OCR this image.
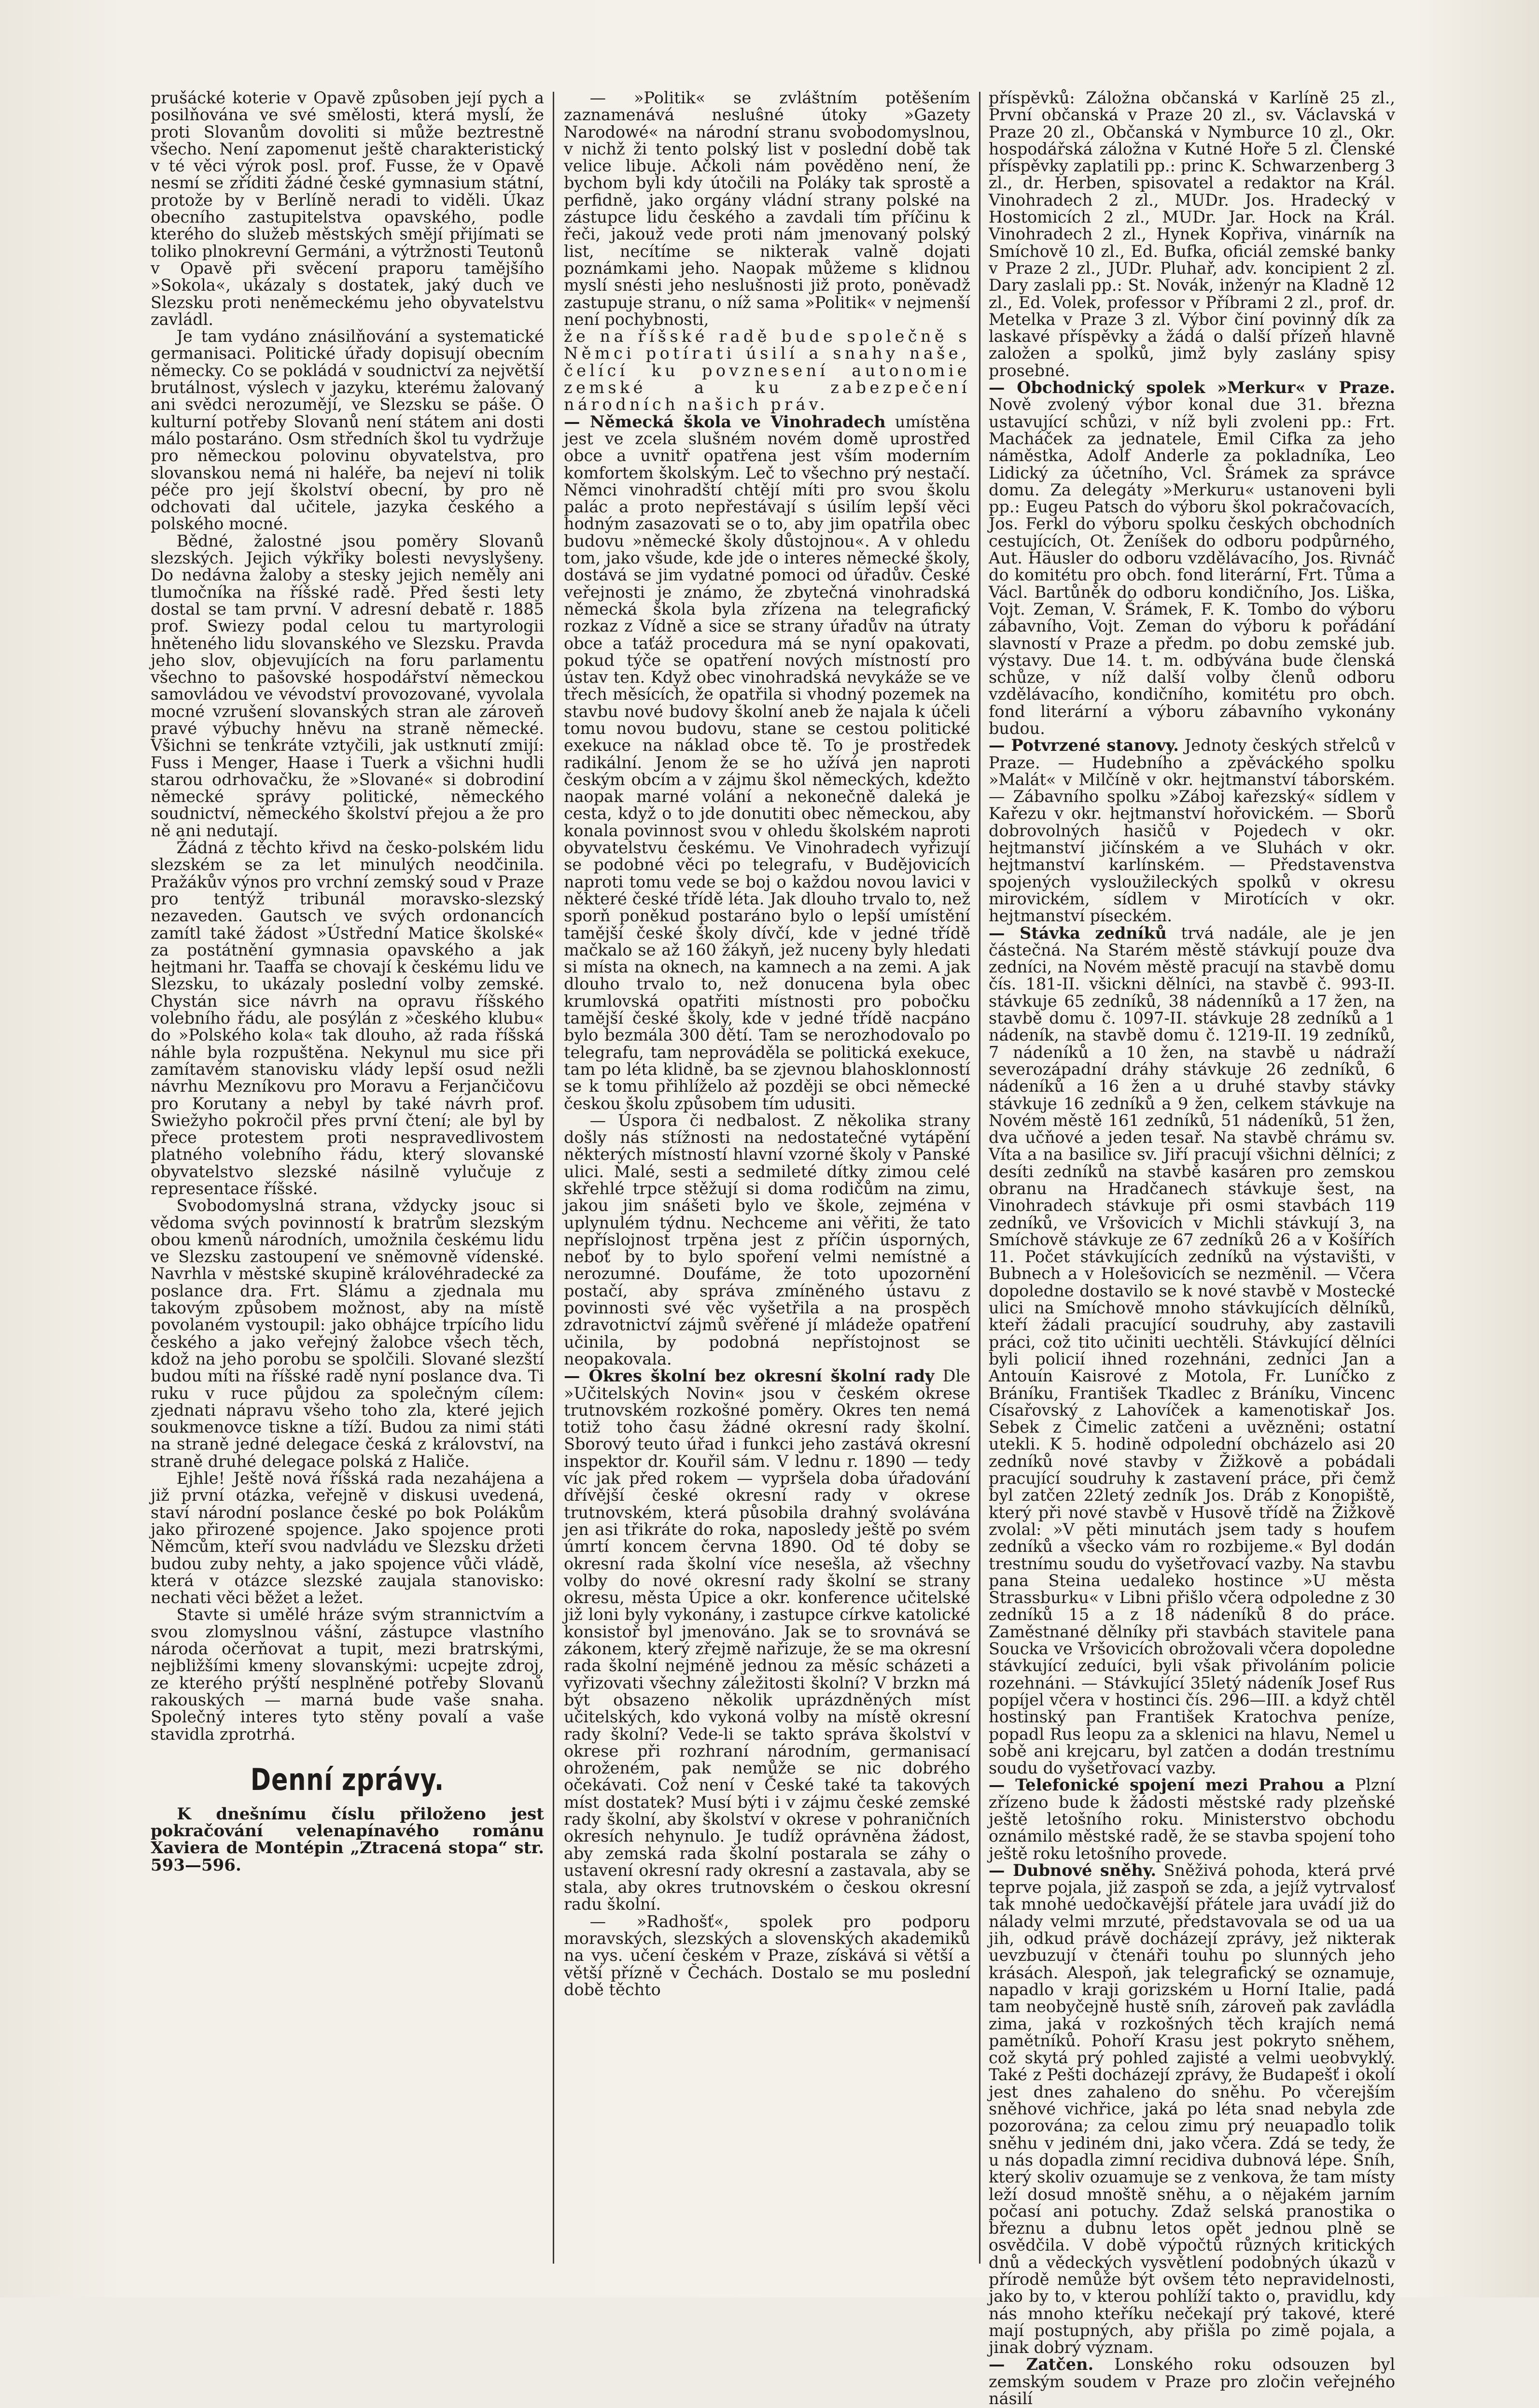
prušácké koterie v Opavě způsoben její pych a posilňována ve své smělosti, která myslí, že proti Slovanům dovoliti si může beztrestně všecho. Není zapomenut ještě charakteristický v té věci výrok posl. prof. Fusse, že v Opavě nesmí se zříditi žádné české gymnasium státní, protože by v Berlíně neradi to viděli. Úkaz obecního zastupitelstva opavského, podle kterého do služeb městských smějí přijímati se toliko plnokrevní Germáni, a výtržnosti Teutonů v Opavě při svěcení praporu tamějšího »Sokola«, ukázaly s dostatek, jaký duch ve Slezsku proti neněmeckému jeho obyvatelstvu zavládl.

Je tam vydáno znásilňování a systematické germanisaci. Politické úřady dopisují obecním německy. Co se pokládá v soudnictví za největší brutálnost, výslech v jazyku, kterému žalovaný ani svědci nerozumějí, ve Slezsku se páše. O kulturní potřeby Slovanů není státem ani dosti málo postaráno. Osm středních škol tu vydržuje pro německou polovinu obyvatelstva, pro slovanskou nemá ni haléře, ba nejeví ni tolik péče pro její školství obecní, by pro ně odchovati dal učitele, jazyka českého a polského mocné.

Bědné, žalostné jsou poměry Slovanů slezských. Jejich výkřiky bolesti nevyslyšeny. Do nedávna žaloby a stesky jejich neměly ani tlumočníka na říšské radě. Před šesti lety dostal se tam první. V adresní debatě r. 1885 prof. Swiezy podal celou tu martyrologii hněteného lidu slovanského ve Slezsku. Pravda jeho slov, objevujících na foru parlamentu všechno to pašovské hospodářství německou samovládou ve vévodství provozované, vyvolala mocné vzrušení slovanských stran ale zároveň pravé výbuchy hněvu na straně německé. Všichni se tenkráte vztyčili, jak ustknutí zmijí: Fuss i Menger, Haase i Tuerk a všichni hudli starou odrhovačku, že »Slované« si dobrodiní německé správy politické, německého soudnictví, německého školství přejou a že pro ně ani nedutají.

Žádná z těchto křivd na česko-polském lidu slezském se za let minulých neodčinila. Pražákův výnos pro vrchní zemský soud v Praze pro tentýž tribunál moravsko-slezský nezaveden. Gautsch ve svých ordonancích zamítl také žádost »Ústřední Matice školské« za postátnění gymnasia opavského a jak hejtmani hr. Taaffa se chovají k českému lidu ve Slezsku, to ukázaly poslední volby zemské. Chystán sice návrh na opravu říšského volebního řádu, ale posýlán z »českého klubu« do »Polského kola« tak dlouho, až rada říšská náhle byla rozpuštěna. Nekynul mu sice při zamítavém stanovisku vlády lepší osud nežli návrhu Mezníkovu pro Moravu a Ferjančičovu pro Korutany a nebyl by také návrh prof. Swiežyho pokročil přes první čtení; ale byl by přece protestem proti nespravedlivostem platného volebního řádu, který slovanské obyvatelstvo slezské násilně vylučuje z representace říšské.

Svobodomyslná strana, vždycky jsouc si vědoma svých povinností k bratrům slezským obou kmenů národních, umožnila českému lidu ve Slezsku zastoupení ve sněmovně vídenské. Navrhla v městské skupině královéhradecké za poslance dra. Frt. Slámu a zjednala mu takovým způsobem možnost, aby na místě povolaném vystoupil: jako obhájce trpícího lidu českého a jako veřejný žalobce všech těch, kdož na jeho porobu se spolčili. Slované slezští budou míti na říšské radě nyní poslance dva. Ti ruku v ruce půjdou za společným cílem: zjednati nápravu všeho toho zla, které jejich soukmenovce tiskne a tíží. Budou za nimi státi na straně jedné delegace česká z království, na straně druhé delegace polská z Haliče.

Ejhle! Ještě nová říšská rada nezahájena a již první otázka, veřejně v diskusi uvedená, staví národní poslance české po bok Polákům jako přirozené spojence. Jako spojence proti Němcům, kteří svou nadvládu ve Slezsku držeti budou zuby nehty, a jako spojence vůči vládě, která v otázce slezské zaujala stanovisko: nechati věci běžet a ležet.

Stavte si umělé hráze svým strannictvím a svou zlomyslnou vášní, zástupce vlastního národa očerňovat a tupit, mezi bratrskými, nejbližšími kmeny slovanskými: ucpejte zdroj, ze kterého prýští nesplněné potřeby Slovanů rakouských — marná bude vaše snaha. Společný interes tyto stěny povalí a vaše stavidla zprotrhá.

Denní zprávy.

K dnešnímu číslu přiloženo jest pokračování velenapínavého románu Xaviera de Montépin „Ztracená stopa“ str. 593—596.

— »Politik« se zvláštním potěšením zaznamenává nesluŝné útoky »Gazety Narodowé« na národní stranu svobodomyslnou, v nichž ži tento polský list v poslední době tak velice libuje. Ačkoli nám pověděno není, že bychom byli kdy útočili na Poláky tak sprostě a perfidně, jako orgány vládní strany polské na zástupce lidu českého a zavdali tím příčinu k řeči, jakouž vede proti nám jmenovaný polský list, necítíme se nikterak valně dojati poznámkami jeho. Naopak můžeme s klidnou myslí snésti jeho neslušnosti již proto, poněvadž zastupuje stranu, o níž sama »Politik« v nejmenší není pochybnosti,

že na říšské radě bude společně s Němci potírati úsilí a snahy naše, čelící ku povznesení autonomie zemské a ku zabezpečení národních našich práv.

— Německá škola ve Vinohradech umístěna jest ve zcela slušném novém domě uprostřed obce a uvnitř opatřena jest vším moderním komfortem školským. Leč to všechno prý nestačí. Němci vinohradští chtějí míti pro svou školu palác a proto nepřestávají s úsilím lepší věci hodným zasazovati se o to, aby jim opatřila obec budovu »německé školy důstojnou«. A v ohledu tom, jako všude, kde jde o interes německé školy, dostává se jim vydatné pomoci od úřadův. České veřejnosti je známo, že zbytečná vinohradská německá škola byla zřízena na telegrafický rozkaz z Vídně a sice se strany úřadův na útraty obce a taťáž procedura má se nyní opakovati, pokud týče se opatření nových místností pro ústav ten. Když obec vinohradská nevykáže se ve třech měsících, že opatřila si vhodný pozemek na stavbu nové budovy školní aneb že najala k účeli tomu novou budovu, stane se cestou politické exekuce na náklad obce tě. To je prostředek radikální. Jenom že se ho užívá jen naproti českým obcím a v zájmu škol německých, kdežto naopak marné volání a nekonečně daleká je cesta, když o to jde donutiti obec německou, aby konala povinnost svou v ohledu školském naproti obyvatelstvu českému. Ve Vinohradech vyřizují se podobné věci po telegrafu, v Budějovicích naproti tomu vede se boj o každou novou lavici v některé české třídě léta. Jak dlouho trvalo to, než sporň poněkud postaráno bylo o lepší umístění tamější české školy dívčí, kde v jedné třídě mačkalo se až 160 žákyň, jež nuceny byly hledati si místa na oknech, na kamnech a na zemi. A jak dlouho trvalo to, než donucena byla obec krumlovská opatřiti místnosti pro pobočku tamější české školy, kde v jedné třídě nacpáno bylo bezmála 300 dětí. Tam se nerozhodovalo po telegrafu, tam neprováděla se politická exekuce, tam po léta klidně, ba se zjevnou blahosklonností se k tomu přihlíželo až později se obci německé českou školu způsobem tím udusiti.

— Úspora či nedbalost. Z několika strany došly nás stížnosti na nedostatečné vytápění některých místností hlavní vzorné školy v Panské ulici. Malé, sesti a sedmileté dítky zimou celé skřehlé trpce stěžují si doma rodičům na zimu, jakou jim snášeti bylo ve škole, zejména v uplynulém týdnu. Nechceme ani věřiti, že tato nepříslojnost trpěna jest z příčin úsporných, neboť by to bylo spoření velmi nemístné a nerozumné. Doufáme, že toto upozornění postačí, aby správa zmíněného ústavu z povinnosti své věc vyšetřila a na prospěch zdravotnictví zájmů svěřené jí mládeže opatření učinila, by podobná nepřístojnost se neopakovala.

— Okres školní bez okresní školní rady Dle »Učitelských Novin« jsou v českém okrese trutnovském rozkošné poměry. Okres ten nemá totiž toho času žádné okresní rady školní. Sborový teuto úřad i funkci jeho zastává okresní inspektor dr. Kouřil sám. V lednu r. 1890 — tedy víc jak před rokem — vypršela doba úřadování dřívější české okresní rady v okrese trutnovském, která působila drahný svolávána jen asi třikráte do roka, naposledy ještě po svém úmrtí koncem června 1890. Od té doby se okresní rada školní více nesešla, až všechny volby do nové okresní rady školní se strany okresu, města Úpice a okr. konference učitelské již loni byly vykonány, i zastupce církve katolické konsistoř byl jmenováno. Jak se to srovnává se zákonem, který zřejmě nařizuje, že se ma okresní rada školní nejméně jednou za měsíc scházeti a vyřizovati všechny záležitosti školní? V brzkn má být obsazeno několik uprázdněných míst učitelských, kdo vykoná volby na místě okresní rady školní? Vede-li se takto správa školství v okrese při rozhraní národním, germanisací ohroženém, pak nemůže se nic dobrého očekávati. Což není v České také ta takových míst dostatek? Musí býti i v zájmu české zemské rady školní, aby školství v okrese v pohraničních okresích nehynulo. Je tudíž oprávněna žádost, aby zemská rada školní postarala se záhy o ustavení okresní rady okresní a zastavala, aby se stala, aby okres trutnovském o českou okresní radu školní.

— »Radhošť«, spolek pro podporu moravských, slezských a slovenských akademiků na vys. učení českém v Praze, získává si větší a větší přízně v Čechách. Dostalo se mu poslední době těchto

příspěvků: Záložna občanská v Karlíně 25 zl., První občanská v Praze 20 zl., sv. Václavská v Praze 20 zl., Občanská v Nymburce 10 zl., Okr. hospodářská záložna v Kutné Hoře 5 zl. Členské příspěvky zaplatili pp.: princ K. Schwarzenberg 3 zl., dr. Herben, spisovatel a redaktor na Král. Vinohradech 2 zl., MUDr. Jos. Hradecký v Hostomicích 2 zl., MUDr. Jar. Hock na Král. Vinohradech 2 zl., Hynek Kopřiva, vinárník na Smíchově 10 zl., Ed. Bufka, oficiál zemské banky v Praze 2 zl., JUDr. Pluhař, adv. koncipient 2 zl. Dary zaslali pp.: St. Novák, inženýr na Kladně 12 zl., Ed. Volek, professor v Příbrami 2 zl., prof. dr. Metelka v Praze 3 zl. Výbor činí povinný dík za laskavé příspěvky a žádá o další přízeň hlavně založen a spolků, jimž byly zaslány spisy prosebné.

— Obchodnický spolek »Merkur« v Praze. Nově zvolený výbor konal due 31. března ustavující schůzi, v níž byli zvoleni pp.: Frt. Macháček za jednatele, Emil Cifka za jeho náměstka, Adolf Anderle za pokladníka, Leo Lidický za účetního, Vcl. Šrámek za správce domu. Za delegáty »Merkuru« ustanoveni byli pp.: Eugeu Patsch do výboru škol pokračovacích, Jos. Ferkl do výboru spolku českých obchodních cestujících, Ot. Ženíšek do odboru podpůrného, Aut. Häusler do odboru vzdělávacího, Jos. Rivnáč do komitétu pro obch. fond literární, Frt. Tůma a Václ. Bartůněk do odboru kondičního, Jos. Liška, Vojt. Zeman, V. Šrámek, F. K. Tombo do výboru zábavního, Vojt. Zeman do výboru k pořádání slavností v Praze a předm. po dobu zemské jub. výstavy. Due 14. t. m. odbývána bude členská schůze, v níž další volby členů odboru vzdělávacího, kondičního, komitétu pro obch. fond literární a výboru zábavního vykonány budou.

— Potvrzené stanovy. Jednoty českých střelců v Praze. — Hudebního a zpěváckého spolku »Malát« v Milčíně v okr. hejtmanství táborském. — Zábavního spolku »Záboj kařezský« sídlem v Kařezu v okr. hejtmanství hořovickém. — Sborů dobrovolných hasičů v Pojedech v okr. hejtmanství jičínském a ve Sluhách v okr. hejtmanství karlínském. — Představenstva spojených vysloužileckých spolků v okresu mirovickém, sídlem v Mirotících v okr. hejtmanství píseckém.

— Stávka zedníků trvá nadále, ale je jen částečná. Na Starém městě stávkují pouze dva zedníci, na Novém městě pracují na stavbě domu čís. 181-II. všickni dělníci, na stavbě č. 993-II. stávkuje 65 zedníků, 38 nádenníků a 17 žen, na stavbě domu č. 1097-II. stávkuje 28 zedníků a 1 nádeník, na stavbě domu č. 1219-II. 19 zedníků, 7 nádeníků a 10 žen, na stavbě u nádraží severozápadní dráhy stávkuje 26 zedníků, 6 nádeníků a 16 žen a u druhé stavby stávky stávkuje 16 zedníků a 9 žen, celkem stávkuje na Novém městě 161 zedníků, 51 nádeníků, 51 žen, dva učňové a jeden tesař. Na stavbě chrámu sv. Víta a na basilice sv. Jiří pracují všichni dělníci; z desíti zedníků na stavbě kasáren pro zemskou obranu na Hradčanech stávkuje šest, na Vinohradech stávkuje při osmi stavbách 119 zedníků, ve Vršovicích v Michli stávkují 3, na Smíchově stávkuje ze 67 zedníků 26 a v Košířích 11. Počet stávkujících zedníků na výstavišti, v Bubnech a v Holešovicích se nezměnil. — Včera dopoledne dostavilo se k nové stavbě v Mostecké ulici na Smíchově mnoho stávkujících dělníků, kteří žádali pracující soudruhy, aby zastavili práci, což tito učiniti uechtěli. Stávkující dělníci byli policií ihned rozehnáni, zedníci Jan a Antouín Kaisrové z Motola, Fr. Luníčko z Bráníku, František Tkadlec z Bráníku, Vincenc Císařovský z Lahovíček a kamenotiskař Jos. Sebek z Čimelic zatčeni a uvězněni; ostatní utekli. K 5. hodině odpolední obcházelo asi 20 zedníků nové stavby v Žižkově a pobádali pracující soudruhy k zastavení práce, při čemž byl zatčen 22letý zedník Jos. Dráb z Konopiště, který při nové stavbě v Husově třídě na Žižkově zvolal: »V pěti minutách jsem tady s houfem zedníků a všecko vám ro rozbijeme.« Byl dodán trestnímu soudu do vyšetřovací vazby. Na stavbu pana Steina uedaleko hostince »U města Strassburku« v Libni přišlo včera odpoledne z 30 zedníků 15 a z 18 nádeníků 8 do práce. Zaměstnané dělníky při stavbách stavitele pana Soucka ve Vršovicích obrožovali včera dopoledne stávkující zeduíci, byli však přivoláním policie rozehnáni. — Stávkující 35letý nádeník Josef Rus popíjel včera v hostinci čís. 296—III. a když chtěl hostinský pan František Kratochva peníze, popadl Rus leopu za a sklenici na hlavu, Nemel u sobě ani krejcaru, byl zatčen a dodán trestnímu soudu do vyšetřovací vazby.

— Telefonické spojení mezi Prahou a Plzní zřízeno bude k žádosti městské rady plzeňské ještě letošního roku. Ministerstvo obchodu oznámilo městské radě, že se stavba spojení toho ještě roku letošního provede.

— Dubnové sněhy. Sněživá pohoda, která prvé teprve pojala, již zaspoň se zda, a jejíž vytrvalosť tak mnohé uedočkavější přátele jara uvádí již do nálady velmi mrzuté, představovala se od ua ua jih, odkud právě docházejí zprávy, jež nikterak uevzbuzují v čtenáři touhu po slunných jeho krásách. Alespoň, jak telegrafický se oznamuje, napadlo v kraji gorizském u Horní Italie, padá tam neobyčejně hustě sníh, zároveň pak zavládla zima, jaká v rozkošných těch krajích nemá pamětníků. Pohoří Krasu jest pokryto sněhem, což skytá prý pohled zajisté a velmi ueobvyklý. Také z Pešti docházejí zprávy, že Budapešť i okolí jest dnes zahaleno do sněhu. Po včerejším sněhové vichřice, jaká po léta snad nebyla zde pozorována; za celou zimu prý neuapadlo tolik sněhu v jediném dni, jako včera. Zdá se tedy, že u nás dopadla zimní recidiva dubnová lépe. Sníh, který skoliv ozuamuje se z venkova, že tam místy leží dosud mnoště sněhu, a o nějakém jarním počasí ani potuchy. Zdaž selská pranostika o březnu a dubnu letos opět jednou plně se osvědčila. V době výpočtů různých kritických dnů a vědeckých vysvětlení podobných úkazů v přírodě nemůže být ovšem této nepravidelnosti, jako by to, v kterou pohlíží takto o, pravidlu, kdy nás mnoho kteříku nečekají prý takové, které mají postupných, aby přišla po zimě pojala, a jinak dobrý význam.

— Zatčen. Lonského roku odsouzen byl zemským soudem v Praze pro zločin veřejného násilí
